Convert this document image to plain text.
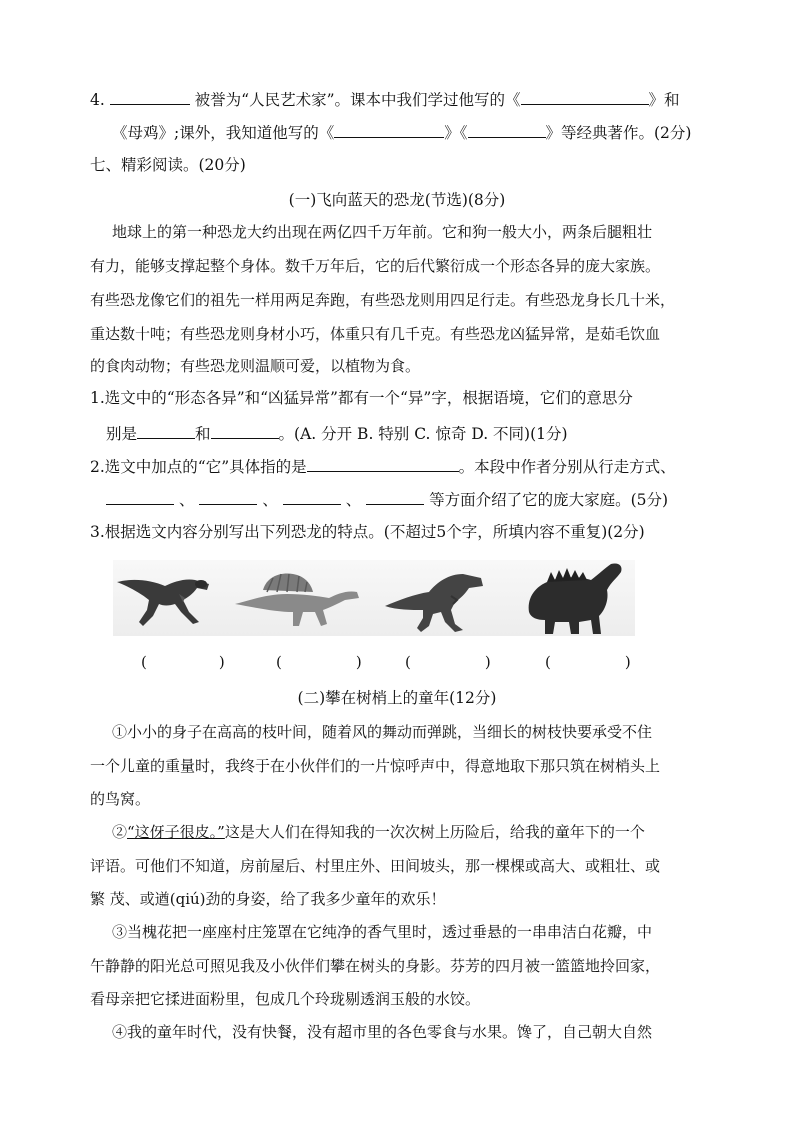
4.	被誉为“人民艺术家”。课本中我们学过他写的《	》和
《母鸡》;课外，我知道他写的《	》《	》等经典著作。(2分)
七、精彩阅读。(20分)
(一)飞向蓝天的恐龙(节选)(8分)
地球上的第一种恐龙大约出现在两亿四千万年前。它和狗一般大小，两条后腿粗壮
有力，能够支撑起整个身体。数千万年后，它的后代繁衍成一个形态各异的庞大家族。
有些恐龙像它们的祖先一样用两足奔跑，有些恐龙则用四足行走。有些恐龙身长几十米，
重达数十吨；有些恐龙则身材小巧，体重只有几千克。有些恐龙凶猛异常，是茹毛饮血
的食肉动物；有些恐龙则温顺可爱，以植物为食。
1.选文中的“形态各异”和“凶猛异常”都有一个“异”字，根据语境，它们的意思分
别是	和	。(A. 分开 B. 特别 C. 惊奇 D. 不同)(1分)
2.选文中加点的“它”具体指的是	。本段中作者分别从行走方式、
、	、	、	等方面介绍了它的庞大家庭。(5分)
3.根据选文内容分别写出下列恐龙的特点。(不超过5个字，所填内容不重复)(2分)
(	)	(	)	(	)	(	)
(二)攀在树梢上的童年(12分)
①小小的身子在高高的枝叶间，随着风的舞动而弹跳，当细长的树枝快要承受不住
一个儿童的重量时，我终于在小伙伴们的一片惊呼声中，得意地取下那只筑在树梢头上
的鸟窝。
②“这伢子很皮。”这是大人们在得知我的一次次树上历险后，给我的童年下的一个
评语。可他们不知道，房前屋后、村里庄外、田间坡头，那一棵棵或高大、或粗壮、或
繁 茂、或遒(qiú)劲的身姿，给了我多少童年的欢乐！
③当槐花把一座座村庄笼罩在它纯净的香气里时，透过垂悬的一串串洁白花瓣，中
午静静的阳光总可照见我及小伙伴们攀在树头的身影。芬芳的四月被一篮篮地拎回家，
看母亲把它揉进面粉里，包成几个玲珑剔透润玉般的水饺。
④我的童年时代，没有快餐，没有超市里的各色零食与水果。馋了，自己朝大自然
